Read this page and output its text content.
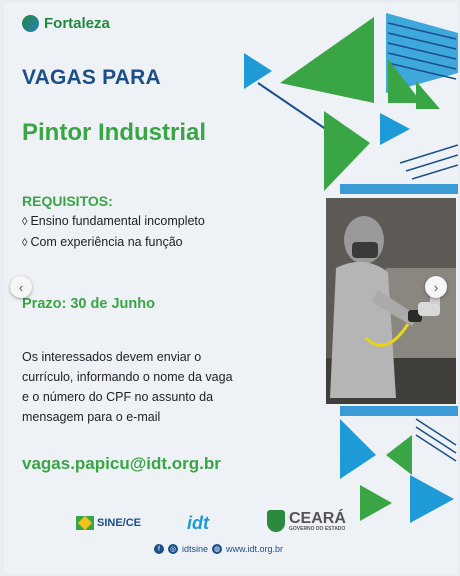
Fortaleza
VAGAS PARA
Pintor Industrial
REQUISITOS:
◊ Ensino fundamental incompleto
◊ Com experiência na função
Prazo: 30 de Junho
Os interessados devem enviar o currículo, informando o nome da vaga e o número do CPF no assunto da mensagem para o e-mail
vagas.papicu@idt.org.br
SINE/CE	idt	CEARÁ
GOVERNO DO ESTADO
f	◎ idtsine ◍ www.idt.org.br
‹	›
